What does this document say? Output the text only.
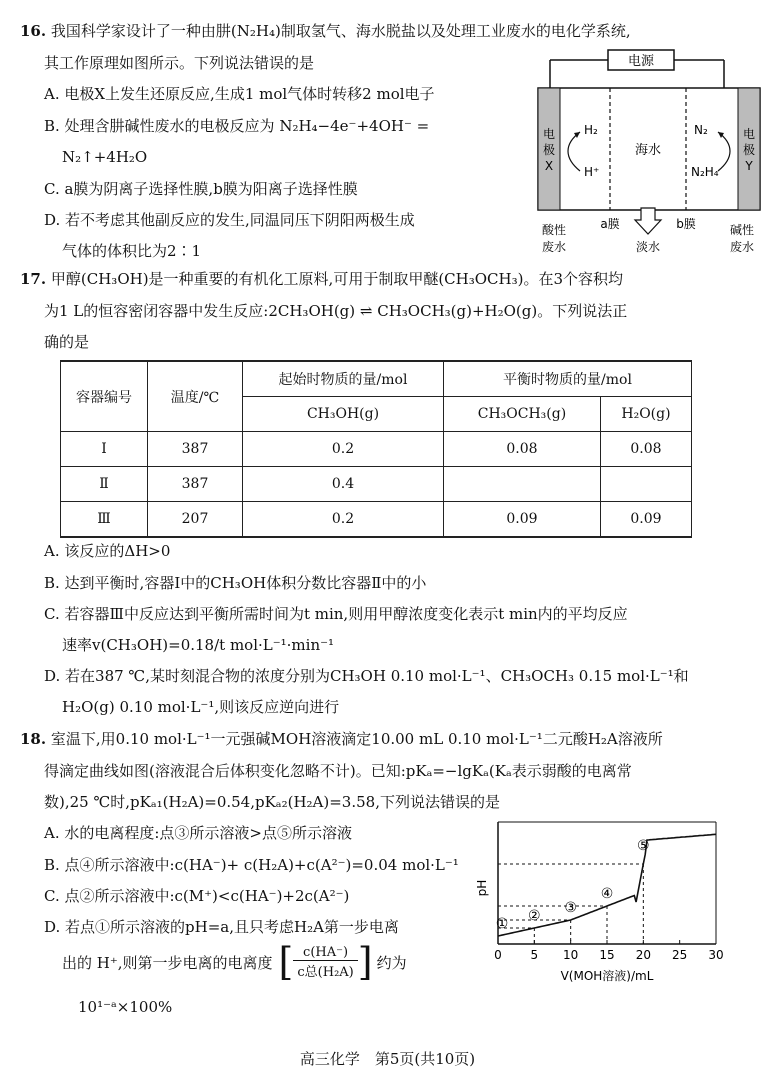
16. 我国科学家设计了一种由肼(N₂H₄)制取氢气、海水脱盐以及处理工业废水的电化学系统,
其工作原理如图所示。下列说法错误的是
A. 电极X上发生还原反应,生成1 mol气体时转移2 mol电子
B. 处理含肼碱性废水的电极反应为 N₂H₄−4e⁻+4OH⁻ =
N₂↑+4H₂O
C. a膜为阴离子选择性膜,b膜为阳离子选择性膜
D. 若不考虑其他副反应的发生,同温同压下阴阳两极生成
气体的体积比为2∶1
电源
电
极
X
电
极
Y
H₂
H⁺
海水
N₂
N₂H₄
a膜	b膜
淡水
酸性
废水
碱性
废水
17. 甲醇(CH₃OH)是一种重要的有机化工原料,可用于制取甲醚(CH₃OCH₃)。在3个容积均
为1 L的恒容密闭容器中发生反应:2CH₃OH(g) ⇌ CH₃OCH₃(g)+H₂O(g)。下列说法正
确的是
容器编号	温度/℃	起始时物质的量/mol	平衡时物质的量/mol	
		CH₃OH(g)	CH₃OCH₃(g)	H₂O(g)
Ⅰ	387	0.2	0.08	0.08
Ⅱ	387	0.4		
Ⅲ	207	0.2	0.09	0.09
A. 该反应的ΔH>0
B. 达到平衡时,容器Ⅰ中的CH₃OH体积分数比容器Ⅱ中的小
C. 若容器Ⅲ中反应达到平衡所需时间为t min,则用甲醇浓度变化表示t min内的平均反应
速率v(CH₃OH)=0.18/t mol·L⁻¹·min⁻¹
D. 若在387 ℃,某时刻混合物的浓度分别为CH₃OH 0.10 mol·L⁻¹、CH₃OCH₃ 0.15 mol·L⁻¹和
H₂O(g) 0.10 mol·L⁻¹,则该反应逆向进行
18. 室温下,用0.10 mol·L⁻¹一元强碱MOH溶液滴定10.00 mL 0.10 mol·L⁻¹二元酸H₂A溶液所
得滴定曲线如图(溶液混合后体积变化忽略不计)。已知:pKₐ=−lgKₐ(Kₐ表示弱酸的电离常
数),25 ℃时,pKₐ₁(H₂A)=0.54,pKₐ₂(H₂A)=3.58,下列说法错误的是
A. 水的电离程度:点③所示溶液>点⑤所示溶液
B. 点④所示溶液中:c(HA⁻)+ c(H₂A)+c(A²⁻)=0.04 mol·L⁻¹
C. 点②所示溶液中:c(M⁺)<c(HA⁻)+2c(A²⁻)
D. 若点①所示溶液的pH=a,且只考虑H₂A第一步电离
出的 H⁺,则第一步电离的电离度 [ $\frac{c(HA^-)}{\text{c总(H₂A)}}$ ] 约为
10¹⁻ᵃ×100%
pH
V(MOH溶液)/mL
0 5 10 15 20 25 30
① ② ③
④
⑤
高三化学　第5页(共10页)
